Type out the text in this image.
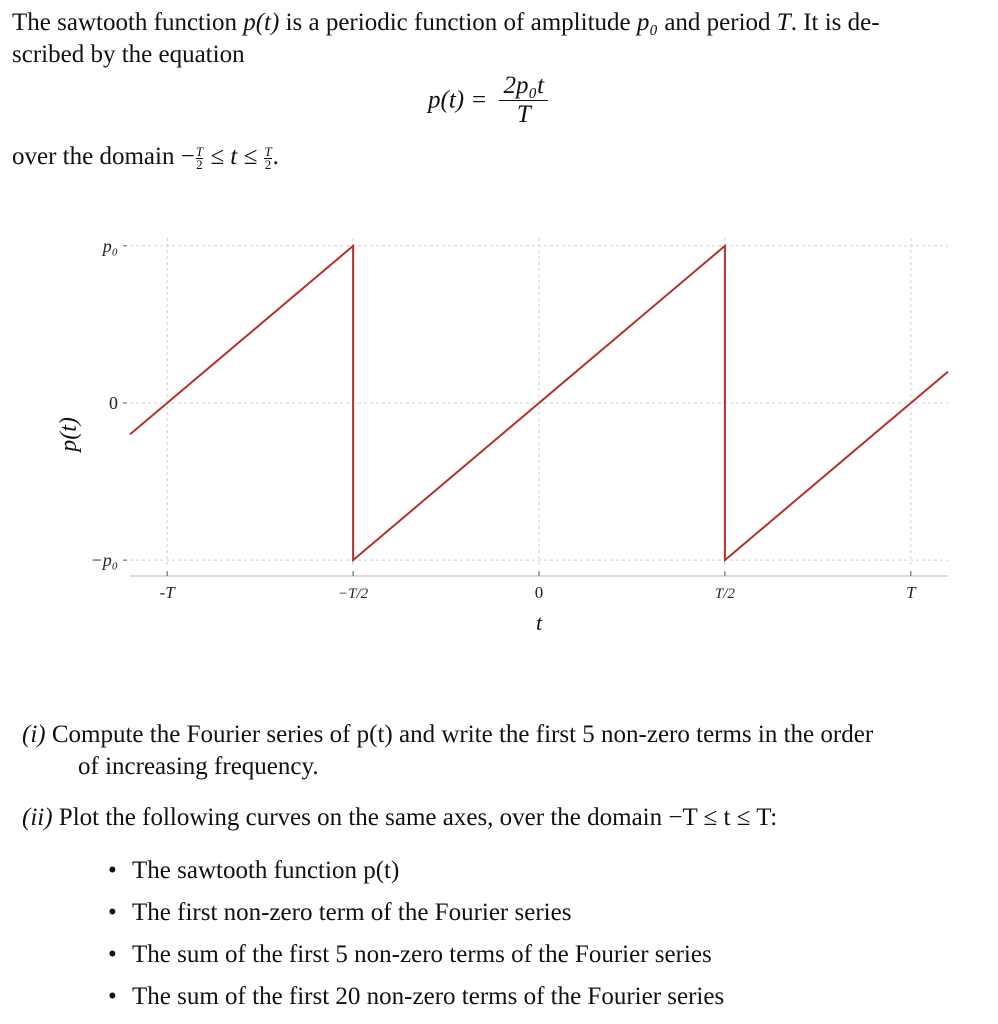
The sawtooth function p(t) is a periodic function of amplitude p₀ and period T. It is de-
scribed by the equation
$p(t) = \frac{\text{2p₀t}}{T}$
over the domain − $\frac{T}{2} \le t \le \frac{T}{2}$ .
-T	−T/2	0	T/2	T
p₀
0
−p₀
t
p(t)
(i) Compute the Fourier series of p(t) and write the first 5 non-zero terms in the order
of increasing frequency.
(ii) Plot the following curves on the same axes, over the domain −T ≤ t ≤ T:
• The sawtooth function p(t)
• The first non-zero term of the Fourier series
• The sum of the first 5 non-zero terms of the Fourier series
• The sum of the first 20 non-zero terms of the Fourier series
